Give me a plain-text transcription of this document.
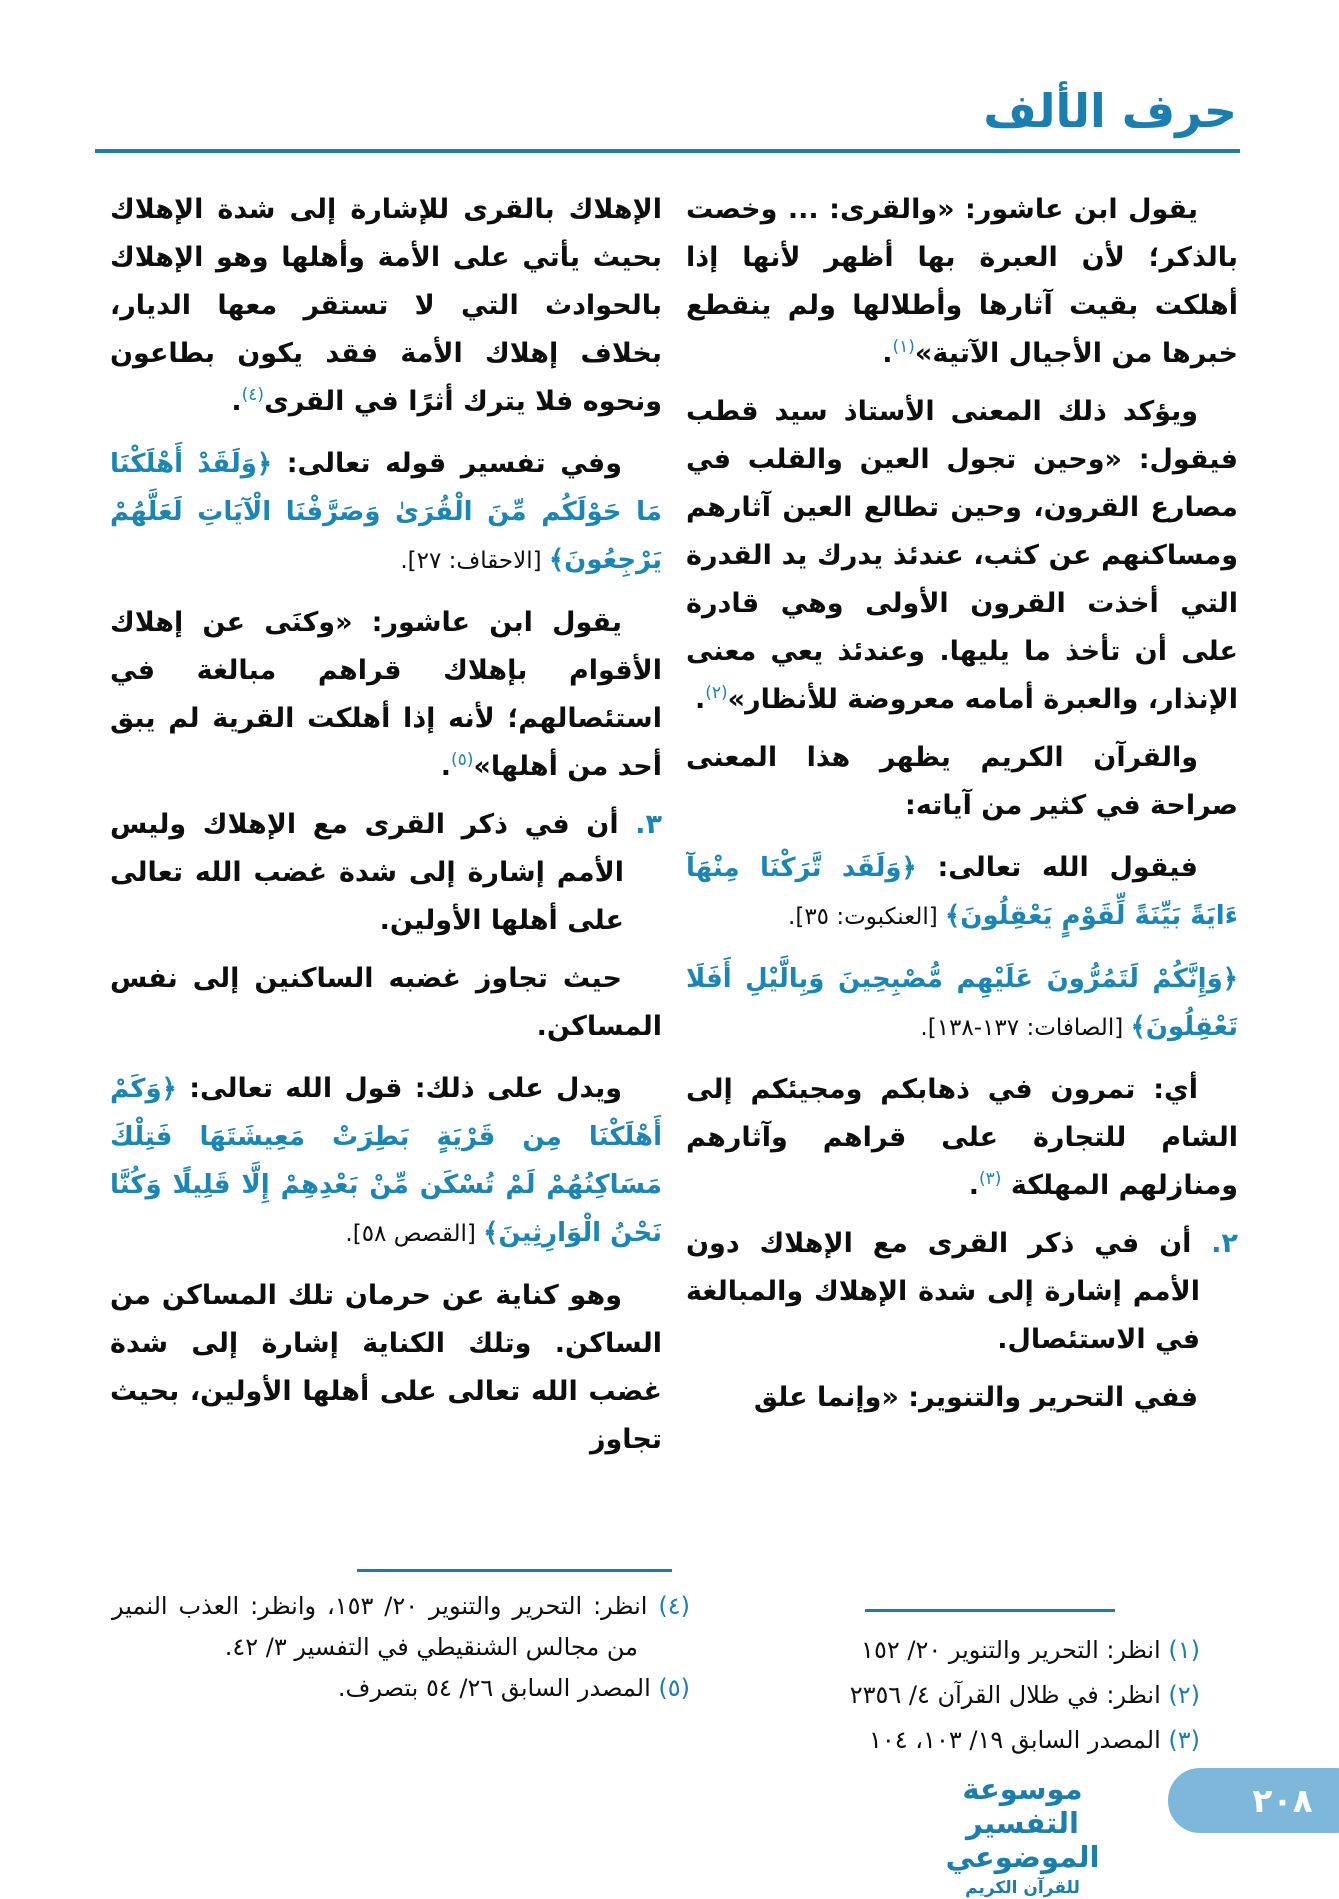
حرف الألف

يقول ابن عاشور: «والقرى: ... وخصت بالذكر؛ لأن العبرة بها أظهر لأنها إذا أهلكت بقيت آثارها وأطلالها ولم ينقطع خبرها من الأجيال الآتية»$^{(١)}$.

ويؤكد ذلك المعنى الأستاذ سيد قطب فيقول: «وحين تجول العين والقلب في مصارع القرون، وحين تطالع العين آثارهم ومساكنهم عن كثب، عندئذ يدرك يد القدرة التي أخذت القرون الأولى وهي قادرة على أن تأخذ ما يليها. وعندئذ يعي معنى الإنذار، والعبرة أمامه معروضة للأنظار»$^{(٢)}$.

والقرآن الكريم يظهر هذا المعنى صراحة في كثير من آياته:

فيقول الله تعالى: ﴿وَلَقَد تَّرَكْنَا مِنْهَآ ءَايَةً بَيِّنَةً لِّقَوْمٍ يَعْقِلُونَ﴾ [العنكبوت: ٣٥].

﴿وَإِنَّكُمْ لَتَمُرُّونَ عَلَيْهِم مُّصْبِحِينَ وَبِالَّيْلِ أَفَلَا تَعْقِلُونَ﴾ [الصافات: ١٣٧-١٣٨].

أي: تمرون في ذهابكم ومجيئكم إلى الشام للتجارة على قراهم وآثارهم ومنازلهم المهلكة $^{(٣)}$.

٢. أن في ذكر القرى مع الإهلاك دون الأمم إشارة إلى شدة الإهلاك والمبالغة في الاستئصال.

ففي التحرير والتنوير: «وإنما علق

الإهلاك بالقرى للإشارة إلى شدة الإهلاك بحيث يأتي على الأمة وأهلها وهو الإهلاك بالحوادث التي لا تستقر معها الديار، بخلاف إهلاك الأمة فقد يكون بطاعون ونحوه فلا يترك أثرًا في القرى$^{(٤)}$.

وفي تفسير قوله تعالى: ﴿وَلَقَدْ أَهْلَكْنَا مَا حَوْلَكُم مِّنَ الْقُرَىٰ وَصَرَّفْنَا الْآيَاتِ لَعَلَّهُمْ يَرْجِعُونَ﴾ [الاحقاف: ٢٧].

يقول ابن عاشور: «وكنَى عن إهلاك الأقوام بإهلاك قراهم مبالغة في استئصالهم؛ لأنه إذا أهلكت القرية لم يبق أحد من أهلها»$^{(٥)}$.

٣. أن في ذكر القرى مع الإهلاك وليس الأمم إشارة إلى شدة غضب الله تعالى على أهلها الأولين.

حيث تجاوز غضبه الساكنين إلى نفس المساكن.

ويدل على ذلك: قول الله تعالى: ﴿وَكَمْ أَهْلَكْنَا مِن قَرْيَةٍ بَطِرَتْ مَعِيشَتَهَا فَتِلْكَ مَسَاكِنُهُمْ لَمْ تُسْكَن مِّنْ بَعْدِهِمْ إِلَّا قَلِيلًا وَكُنَّا نَحْنُ الْوَارِثِينَ﴾ [القصص ٥٨].

وهو كناية عن حرمان تلك المساكن من الساكن. وتلك الكناية إشارة إلى شدة غضب الله تعالى على أهلها الأولين، بحيث تجاوز

(١) انظر: التحرير والتنوير ٢٠/ ١٥٢
(٢) انظر: في ظلال القرآن ٤/ ٢٣٥٦
(٣) المصدر السابق ١٩/ ١٠٣، ١٠٤
(٤) انظر: التحرير والتنوير ٢٠/ ١٥٣، وانظر: العذب النمير من مجالس الشنقيطي في التفسير ٣/ ٤٢.
(٥) المصدر السابق ٢٦/ ٥٤ بتصرف.
موسوعة التفسير الموضوعي
للقرآن الكريم
٢٠٨
